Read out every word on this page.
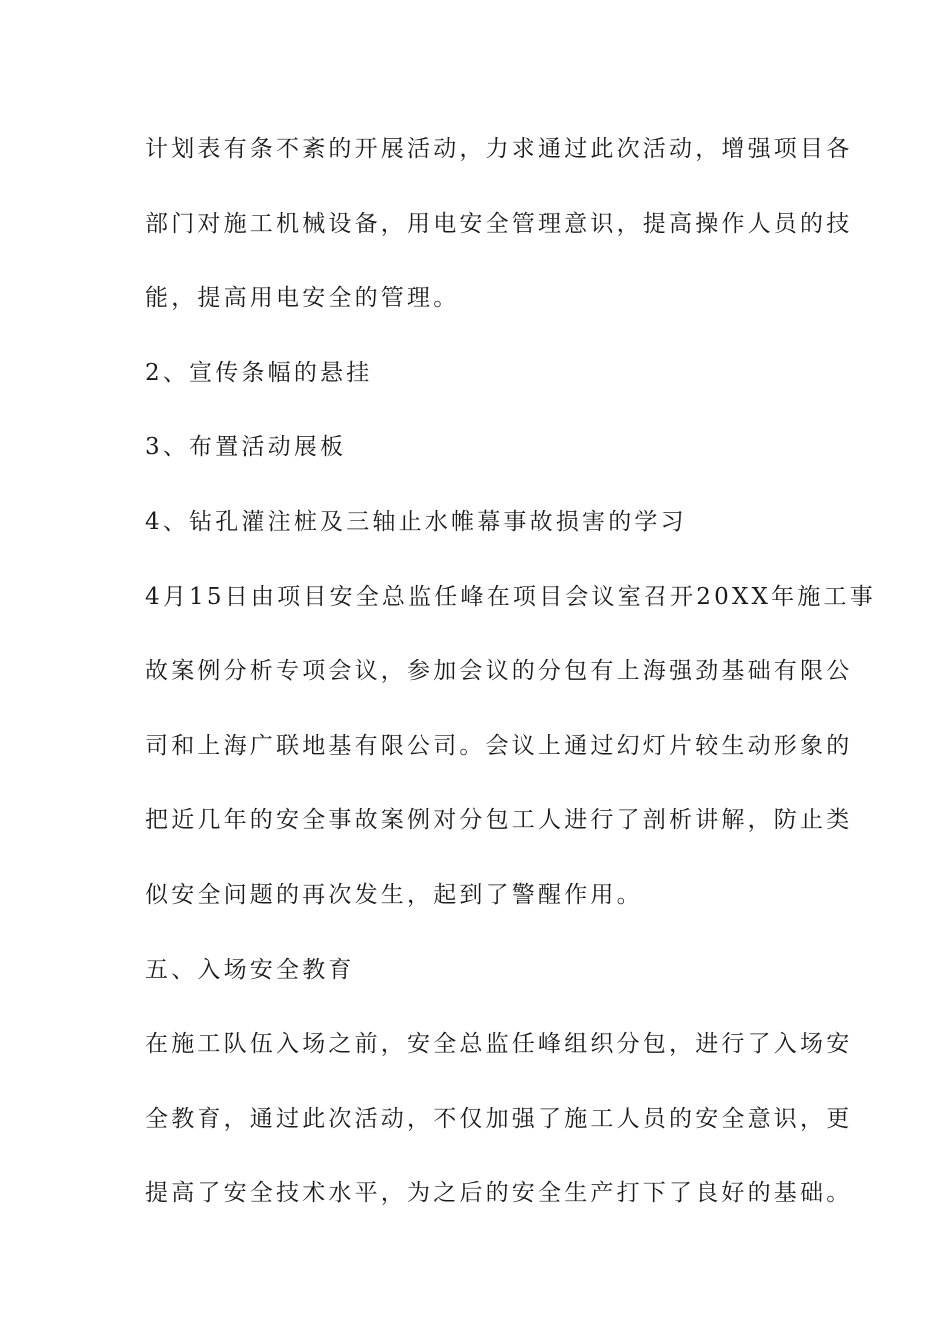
计划表有条不紊的开展活动，力求通过此次活动，增强项目各
部门对施工机械设备，用电安全管理意识，提高操作人员的技
能，提高用电安全的管理。
2、宣传条幅的悬挂
3、布置活动展板
4、钻孔灌注桩及三轴止水帷幕事故损害的学习
4月15日由项目安全总监任峰在项目会议室召开20XX年施工事
故案例分析专项会议，参加会议的分包有上海强劲基础有限公
司和上海广联地基有限公司。会议上通过幻灯片较生动形象的
把近几年的安全事故案例对分包工人进行了剖析讲解，防止类
似安全问题的再次发生，起到了警醒作用。
五、入场安全教育
在施工队伍入场之前，安全总监任峰组织分包，进行了入场安
全教育，通过此次活动，不仅加强了施工人员的安全意识，更
提高了安全技术水平，为之后的安全生产打下了良好的基础。
